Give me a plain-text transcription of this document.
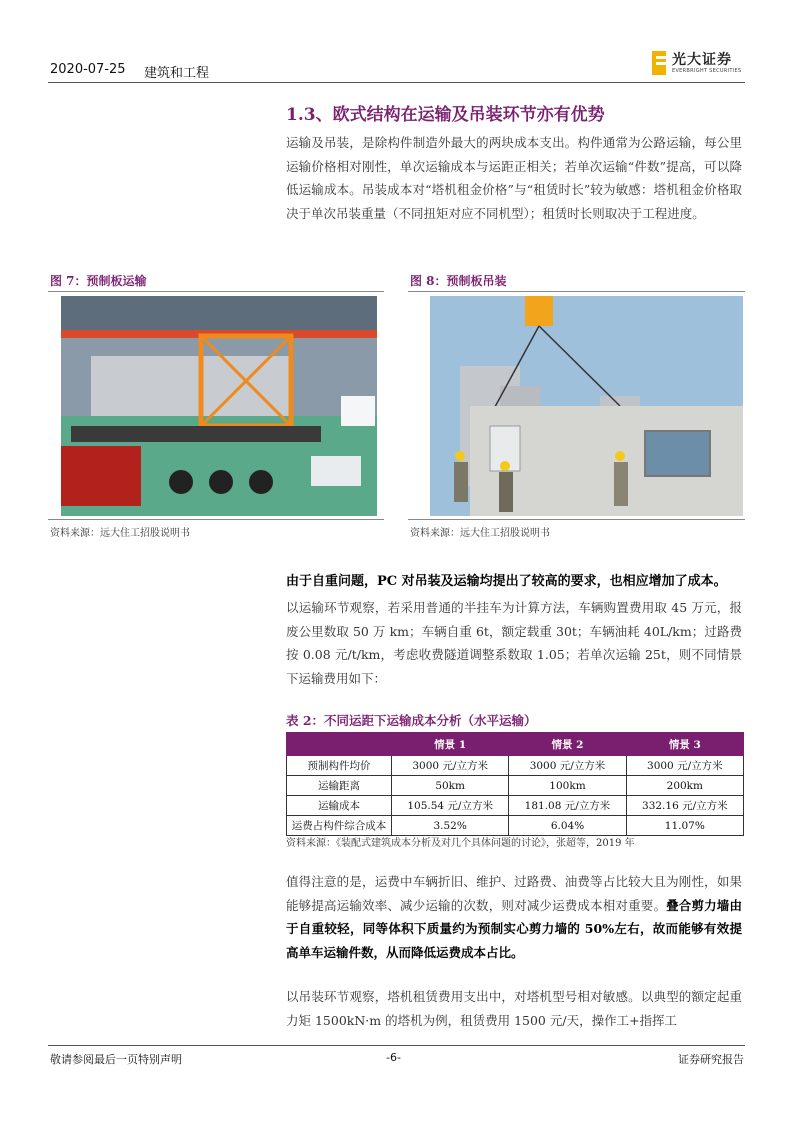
2020-07-25 建筑和工程
光大证券
EVERBRIGHT SECURITIES
1.3、欧式结构在运输及吊装环节亦有优势
运输及吊装，是除构件制造外最大的两块成本支出。构件通常为公路运输，每公里运输价格相对刚性，单次运输成本与运距正相关；若单次运输“件数”提高，可以降低运输成本。吊装成本对“塔机租金价格”与“租赁时长”较为敏感：塔机租金价格取决于单次吊装重量（不同扭矩对应不同机型）；租赁时长则取决于工程进度。
图 7：预制板运输	图 8：预制板吊装
资料来源：远大住工招股说明书	资料来源：远大住工招股说明书
由于自重问题，PC 对吊装及运输均提出了较高的要求，也相应增加了成本。
以运输环节观察，若采用普通的半挂车为计算方法，车辆购置费用取 45 万元，报废公里数取 50 万 km；车辆自重 6t，额定载重 30t；车辆油耗 40L/km；过路费按 0.08 元/t/km，考虑收费隧道调整系数取 1.05；若单次运输 25t，则不同情景下运输费用如下：
表 2：不同运距下运输成本分析（水平运输）
	情景 1	情景 2	情景 3
预制构件均价	3000 元/立方米	3000 元/立方米	3000 元/立方米
运输距离	50km	100km	200km
运输成本	105.54 元/立方米	181.08 元/立方米	332.16 元/立方米
运费占构件综合成本	3.52%	6.04%	11.07%
资料来源：《装配式建筑成本分析及对几个具体问题的讨论》，张超等，2019 年
值得注意的是，运费中车辆折旧、维护、过路费、油费等占比较大且为刚性，如果能够提高运输效率、减少运输的次数，则对减少运费成本相对重要。叠合剪力墙由于自重较轻，同等体积下质量约为预制实心剪力墙的 50%左右，故而能够有效提高单车运输件数，从而降低运费成本占比。
以吊装环节观察，塔机租赁费用支出中，对塔机型号相对敏感。以典型的额定起重力矩 1500kN·m 的塔机为例，租赁费用 1500 元/天，操作工+指挥工
敬请参阅最后一页特别声明	-6-	证券研究报告
